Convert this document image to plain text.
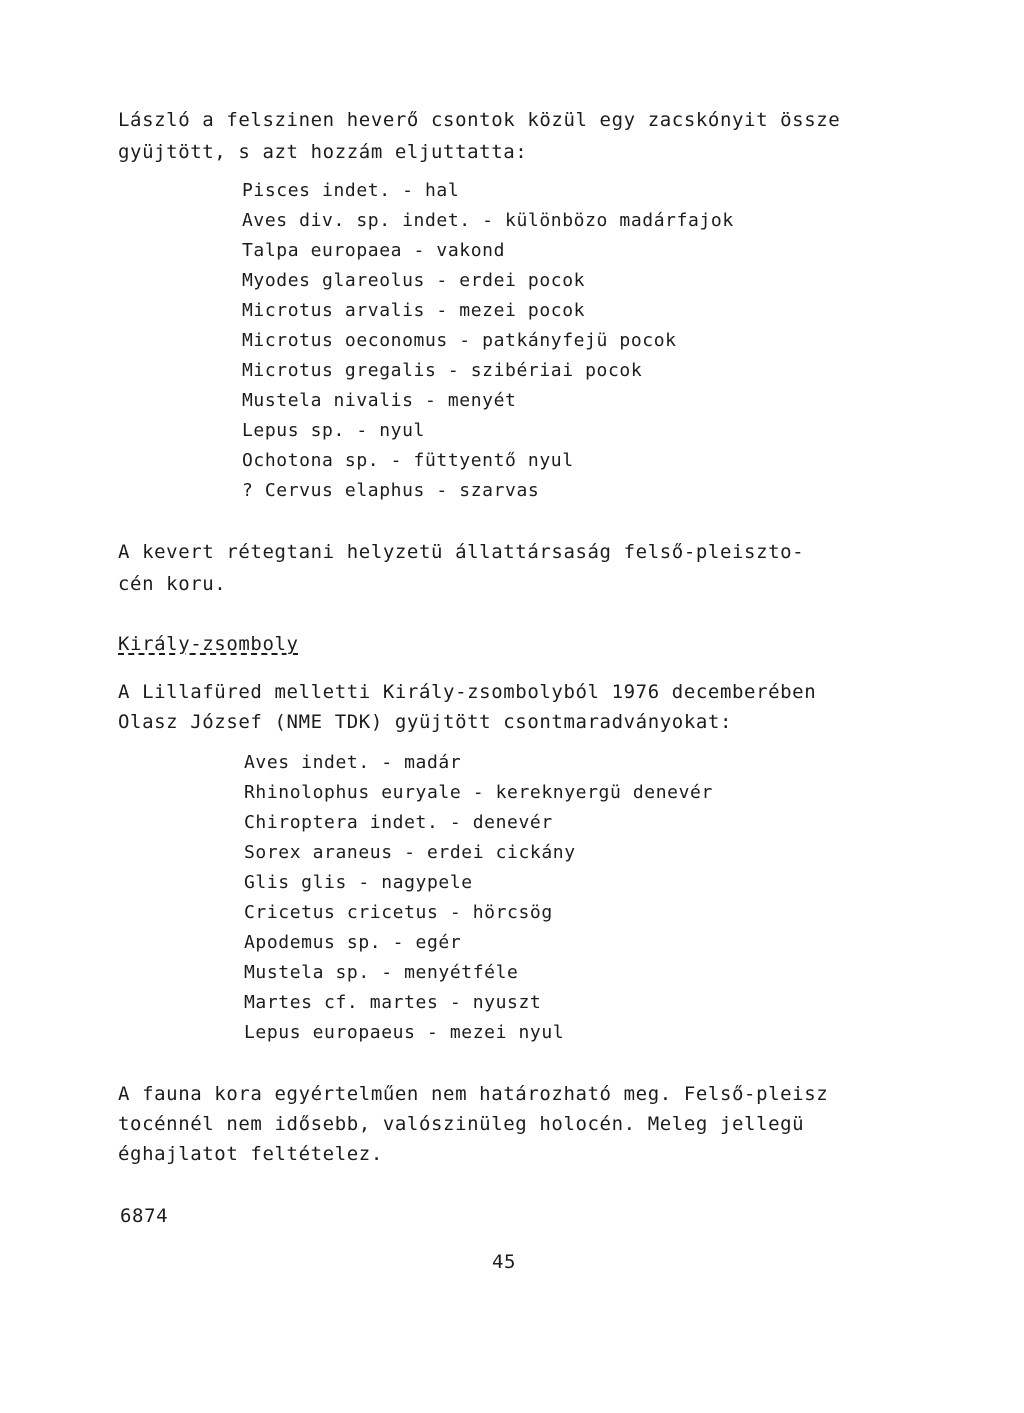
László a felszinen heverő csontok közül egy zacskónyit össze
gyüjtött, s azt hozzám eljuttatta:
Pisces indet. - hal
Aves div. sp. indet. - különbözo madárfajok
Talpa europaea - vakond
Myodes glareolus - erdei pocok
Microtus arvalis - mezei pocok
Microtus oeconomus - patkányfejü pocok
Microtus gregalis - szibériai pocok
Mustela nivalis - menyét
Lepus sp. - nyul
Ochotona sp. - füttyentő nyul
? Cervus elaphus - szarvas
A kevert rétegtani helyzetü állattársaság felső-pleiszto-
cén koru.
Király-zsomboly
A Lillafüred melletti Király-zsombolyból 1976 decemberében
Olasz József (NME TDK) gyüjtött csontmaradványokat:
Aves indet. - madár
Rhinolophus euryale - kereknyergü denevér
Chiroptera indet. - denevér
Sorex araneus - erdei cickány
Glis glis - nagypele
Cricetus cricetus - hörcsög
Apodemus sp. - egér
Mustela sp. - menyétféle
Martes cf. martes - nyuszt
Lepus europaeus - mezei nyul
A fauna kora egyértelműen nem határozható meg. Felső-pleisz
tocénnél nem idősebb, valószinüleg holocén. Meleg jellegü
éghajlatot feltételez.
6874
45
